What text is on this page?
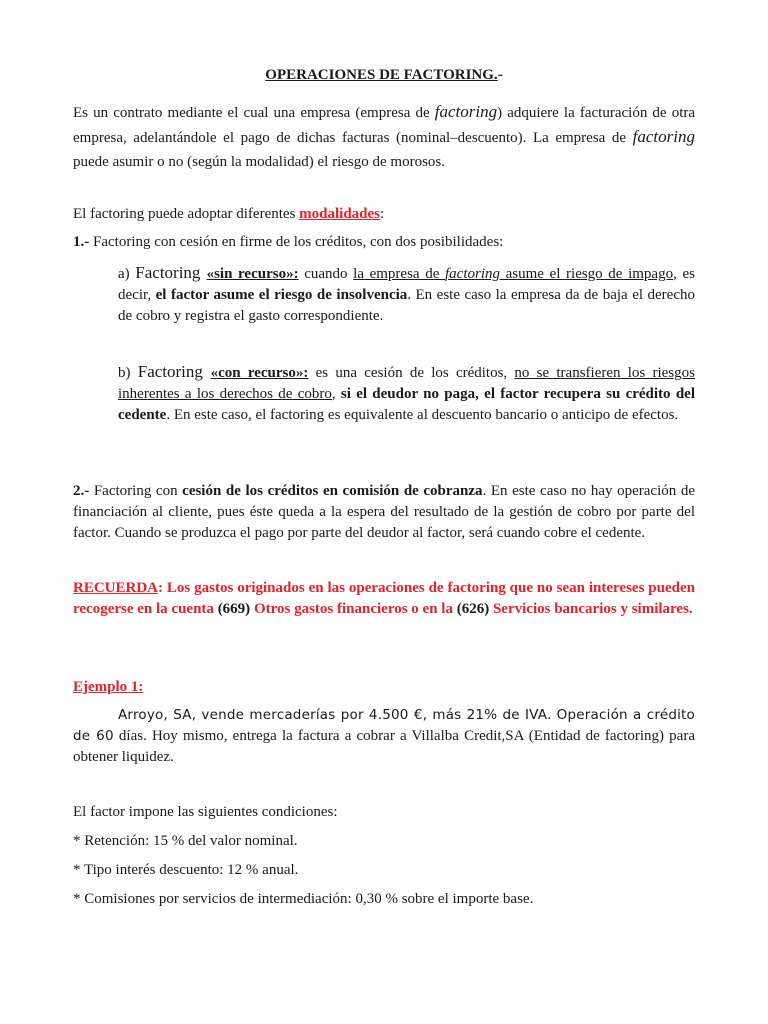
OPERACIONES DE FACTORING.-

Es un contrato mediante el cual una empresa (empresa de factoring) adquiere la facturación de otra empresa, adelantándole el pago de dichas facturas (nominal–descuento). La empresa de factoring puede asumir o no (según la modalidad) el riesgo de morosos.

El factoring puede adoptar diferentes modalidades:

1.- Factoring con cesión en firme de los créditos, con dos posibilidades:

a) Factoring «sin recurso»: cuando la empresa de factoring asume el riesgo de impago, es decir, el factor asume el riesgo de insolvencia. En este caso la empresa da de baja el derecho de cobro y registra el gasto correspondiente.

b) Factoring «con recurso»: es una cesión de los créditos, no se transfieren los riesgos inherentes a los derechos de cobro, si el deudor no paga, el factor recupera su crédito del cedente. En este caso, el factoring es equivalente al descuento bancario o anticipo de efectos.

2.- Factoring con cesión de los créditos en comisión de cobranza. En este caso no hay operación de financiación al cliente, pues éste queda a la espera del resultado de la gestión de cobro por parte del factor. Cuando se produzca el pago por parte del deudor al factor, será cuando cobre el cedente.

RECUERDA: Los gastos originados en las operaciones de factoring que no sean intereses pueden recogerse en la cuenta (669) Otros gastos financieros o en la (626) Servicios bancarios y similares.

Ejemplo 1:

Arroyo, SA, vende mercaderías por 4.500 €, más 21% de IVA. Operación a crédito de 60 días. Hoy mismo, entrega la factura a cobrar a Villalba Credit,SA (Entidad de factoring) para obtener liquidez.

El factor impone las siguientes condiciones:

* Retención: 15 % del valor nominal.

* Tipo interés descuento: 12 % anual.

* Comisiones por servicios de intermediación: 0,30 % sobre el importe base.
